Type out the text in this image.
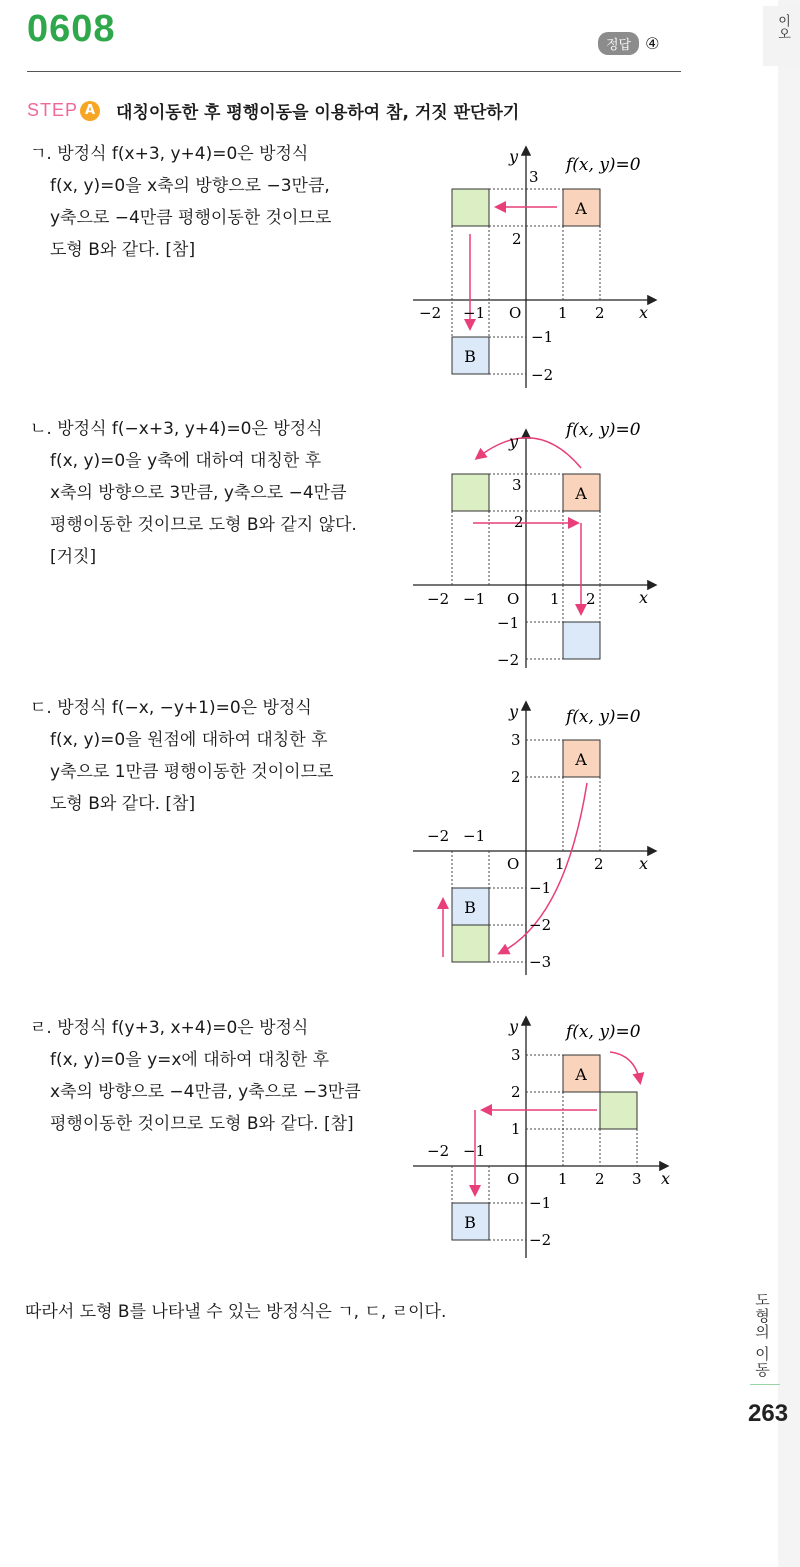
0608	정답 ④
이오
도형의 이동
263
STEP A 대칭이동한 후 평행이동을 이용하여 참, 거짓 판단하기

ㄱ. 방정식 f(x+3, y+4)=0은 방정식

f(x, y)=0을 x축의 방향으로 −3만큼,

y축으로 −4만큼 평행이동한 것이므로

도형 B와 같다. [참]

ㄴ. 방정식 f(−x+3, y+4)=0은 방정식

f(x, y)=0을 y축에 대하여 대칭한 후

x축의 방향으로 3만큼, y축으로 −4만큼

평행이동한 것이므로 도형 B와 같지 않다.

[거짓]

ㄷ. 방정식 f(−x, −y+1)=0은 방정식

f(x, y)=0을 원점에 대하여 대칭한 후

y축으로 1만큼 평행이동한 것이이므로

도형 B와 같다. [참]

ㄹ. 방정식 f(y+3, x+4)=0은 방정식

f(x, y)=0을 y=x에 대하여 대칭한 후

x축의 방향으로 −4만큼, y축으로 −3만큼

평행이동한 것이므로 도형 B와 같다. [참]

따라서 도형 B를 나타낼 수 있는 방정식은 ㄱ, ㄷ, ㄹ이다.
A
B
f(x, y)=0
y
x
O
3
2
−2 −1	1 2
−1
−2
A
f(x, y)=0
y
x
O
3
2
−2 −1	1 2
−1
−2
A
B
f(x, y)=0
y
x
O
3
2
−2 −1
1 2
−1
−2
−3
A
B
f(x, y)=0
y
x
O
3
2
1
−2 −1
1 2 3
−1
−2
